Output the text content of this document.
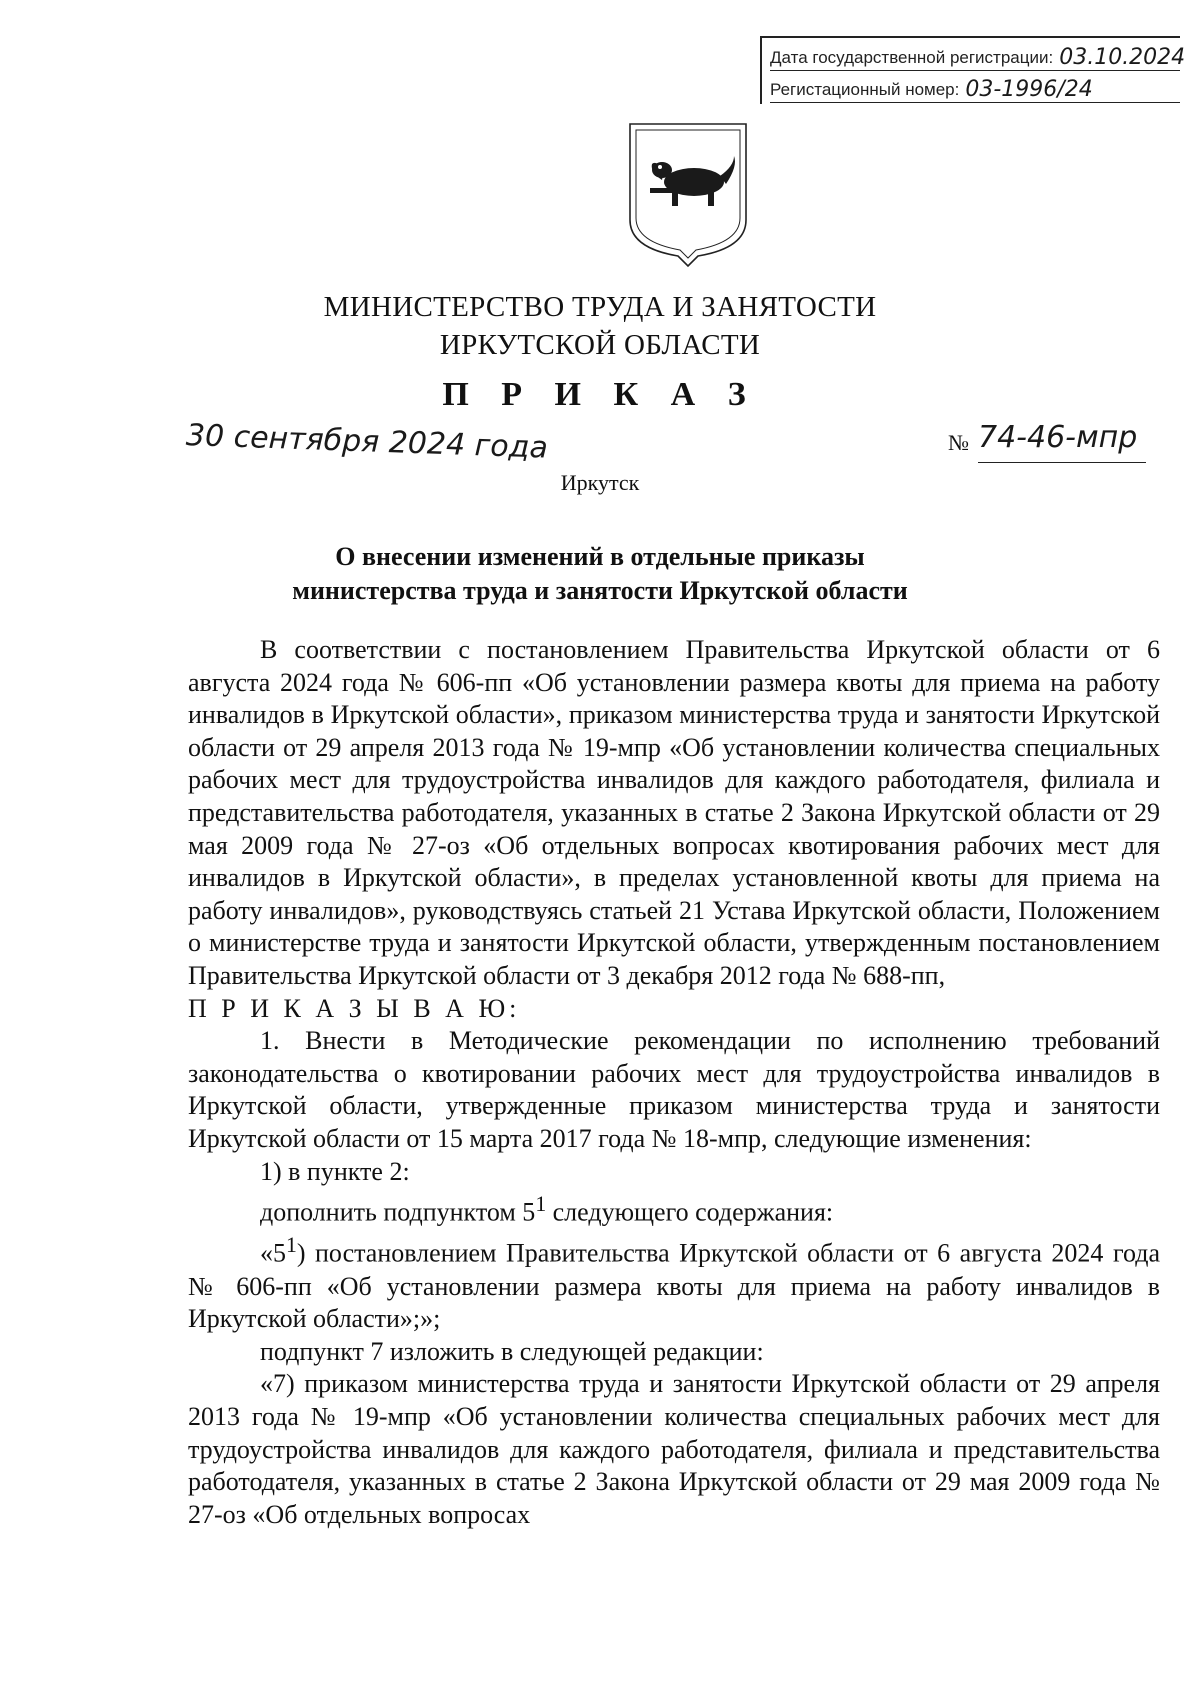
Дата государственной регистрации: 03.10.2024
Регистационный номер: 03-1996/24
МИНИСТЕРСТВО ТРУДА И ЗАНЯТОСТИ
ИРКУТСКОЙ ОБЛАСТИ
П Р И К А З
30 сентября 2024 года	№ 74-46-мпр
Иркутск
О внесении изменений в отдельные приказы
министерства труда и занятости Иркутской области

В соответствии с постановлением Правительства Иркутской области от 6 августа 2024 года № 606-пп «Об установлении размера квоты для приема на работу инвалидов в Иркутской области», приказом министерства труда и занятости Иркутской области от 29 апреля 2013 года № 19-мпр «Об установлении количества специальных рабочих мест для трудоустройства инвалидов для каждого работодателя, филиала и представительства работодателя, указанных в статье 2 Закона Иркутской области от 29 мая 2009 года № 27-оз «Об отдельных вопросах квотирования рабочих мест для инвалидов в Иркутской области», в пределах установленной квоты для приема на работу инвалидов», руководствуясь статьей 21 Устава Иркутской области, Положением о министерстве труда и занятости Иркутской области, утвержденным постановлением Правительства Иркутской области от 3 декабря 2012 года № 688-пп,

П Р И К А З Ы В А Ю:

1. Внести в Методические рекомендации по исполнению требований законодательства о квотировании рабочих мест для трудоустройства инвалидов в Иркутской области, утвержденные приказом министерства труда и занятости Иркутской области от 15 марта 2017 года № 18-мпр, следующие изменения:

1) в пункте 2:

дополнить подпунктом $5^1$ следующего содержания:

«$5^1$) постановлением Правительства Иркутской области от 6 августа 2024 года № 606-пп «Об установлении размера квоты для приема на работу инвалидов в Иркутской области»;»;

подпункт 7 изложить в следующей редакции:

«7) приказом министерства труда и занятости Иркутской области от 29 апреля 2013 года № 19-мпр «Об установлении количества специальных рабочих мест для трудоустройства инвалидов для каждого работодателя, филиала и представительства работодателя, указанных в статье 2 Закона Иркутской области от 29 мая 2009 года № 27-оз «Об отдельных вопросах
